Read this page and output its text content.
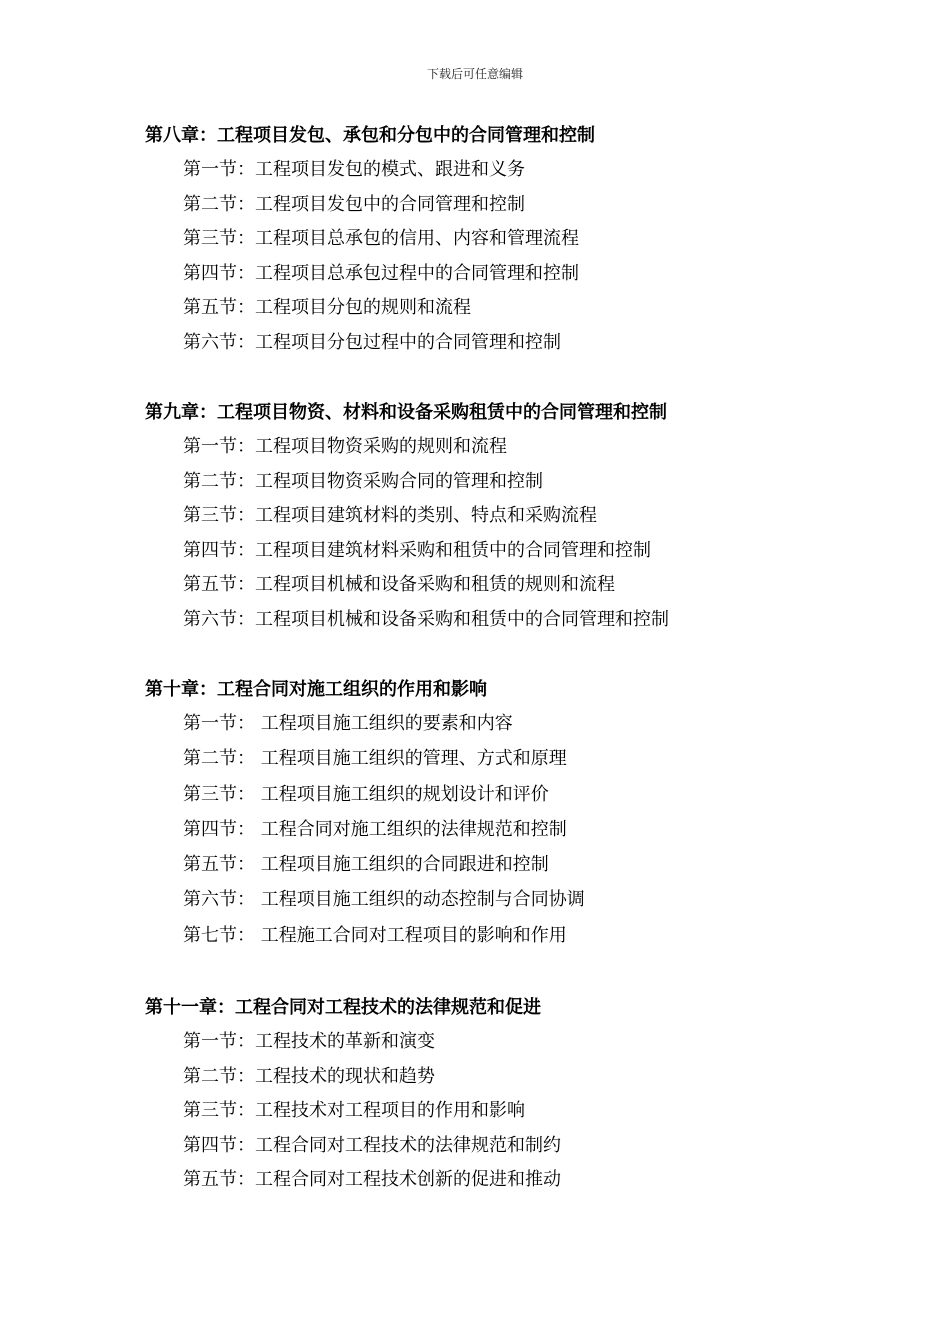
下载后可任意编辑
第八章：工程项目发包、承包和分包中的合同管理和控制
第一节：工程项目发包的模式、跟进和义务
第二节：工程项目发包中的合同管理和控制
第三节：工程项目总承包的信用、内容和管理流程
第四节：工程项目总承包过程中的合同管理和控制
第五节：工程项目分包的规则和流程
第六节：工程项目分包过程中的合同管理和控制
第九章：工程项目物资、材料和设备采购租赁中的合同管理和控制
第一节：工程项目物资采购的规则和流程
第二节：工程项目物资采购合同的管理和控制
第三节：工程项目建筑材料的类别、特点和采购流程
第四节：工程项目建筑材料采购和租赁中的合同管理和控制
第五节：工程项目机械和设备采购和租赁的规则和流程
第六节：工程项目机械和设备采购和租赁中的合同管理和控制
第十章：工程合同对施工组织的作用和影响
第一节： 工程项目施工组织的要素和内容
第二节： 工程项目施工组织的管理、方式和原理
第三节： 工程项目施工组织的规划设计和评价
第四节： 工程合同对施工组织的法律规范和控制
第五节： 工程项目施工组织的合同跟进和控制
第六节： 工程项目施工组织的动态控制与合同协调
第七节： 工程施工合同对工程项目的影响和作用
第十一章：工程合同对工程技术的法律规范和促进
第一节：工程技术的革新和演变
第二节：工程技术的现状和趋势
第三节：工程技术对工程项目的作用和影响
第四节：工程合同对工程技术的法律规范和制约
第五节：工程合同对工程技术创新的促进和推动
